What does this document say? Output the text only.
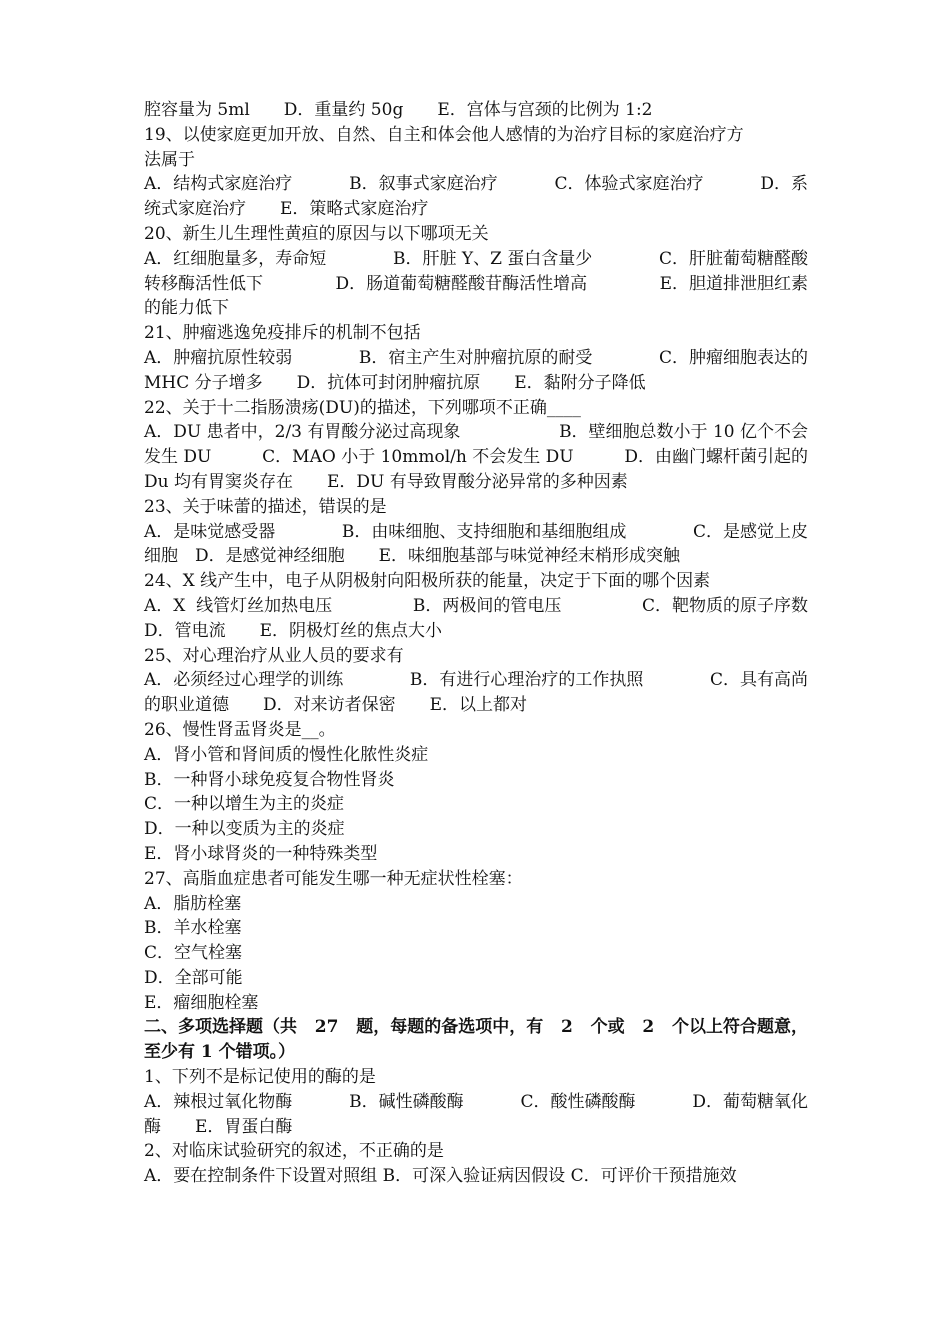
腔容量为 5ml　　D．重量约 50g　　E．宫体与宫颈的比例为 1:2
19、以使家庭更加开放、自然、自主和体会他人感情的为治疗目标的家庭治疗方
法属于
A．结构式家庭治疗	B．叙事式家庭治疗	C．体验式家庭治疗	D．系
统式家庭治疗　　E．策略式家庭治疗
20、新生儿生理性黄疸的原因与以下哪项无关
A．红细胞量多，寿命短	B．肝脏 Y、Z 蛋白含量少	C．肝脏葡萄糖醛酸
转移酶活性低下	D．肠道葡萄糖醛酸苷酶活性增高	E．胆道排泄胆红素
的能力低下
21、肿瘤逃逸免疫排斥的机制不包括
A．肿瘤抗原性较弱	B．宿主产生对肿瘤抗原的耐受	C．肿瘤细胞表达的
MHC 分子增多　　D．抗体可封闭肿瘤抗原　　E．黏附分子降低
22、关于十二指肠溃疡(DU)的描述，下列哪项不正确____
A．DU 患者中，2/3 有胃酸分泌过高现象	B．壁细胞总数小于 10 亿个不会
发生 DU	C．MAO 小于 10mmol/h 不会发生 DU	D．由幽门螺杆菌引起的
Du 均有胃窦炎存在　　E．DU 有导致胃酸分泌异常的多种因素
23、关于味蕾的描述，错误的是
A．是味觉感受器	B．由味细胞、支持细胞和基细胞组成	C．是感觉上皮
细胞　D．是感觉神经细胞　　E．味细胞基部与味觉神经末梢形成突触
24、X 线产生中，电子从阴极射向阳极所获的能量，决定于下面的哪个因素
A．X  线管灯丝加热电压	B．两极间的管电压	C．靶物质的原子序数
D．管电流　　E．阴极灯丝的焦点大小
25、对心理治疗从业人员的要求有
A．必须经过心理学的训练	B．有进行心理治疗的工作执照	C．具有高尚
的职业道德　　D．对来访者保密　　E．以上都对
26、慢性肾盂肾炎是__。
A．肾小管和肾间质的慢性化脓性炎症
B．一种肾小球免疫复合物性肾炎
C．一种以增生为主的炎症
D．一种以变质为主的炎症
E．肾小球肾炎的一种特殊类型
27、高脂血症患者可能发生哪一种无症状性栓塞：
A．脂肪栓塞
B．羊水栓塞
C．空气栓塞
D．全部可能
E．瘤细胞栓塞
二、多项选择题（共 27 题，每题的备选项中，有 2 个或 2 个以上符合题意，
至少有 1 个错项。）
1、下列不是标记使用的酶的是
A．辣根过氧化物酶	B．碱性磷酸酶	C．酸性磷酸酶	D．葡萄糖氧化
酶　　E．胃蛋白酶
2、对临床试验研究的叙述，不正确的是
A．要在控制条件下设置对照组 B．可深入验证病因假设 C．可评价干预措施效
